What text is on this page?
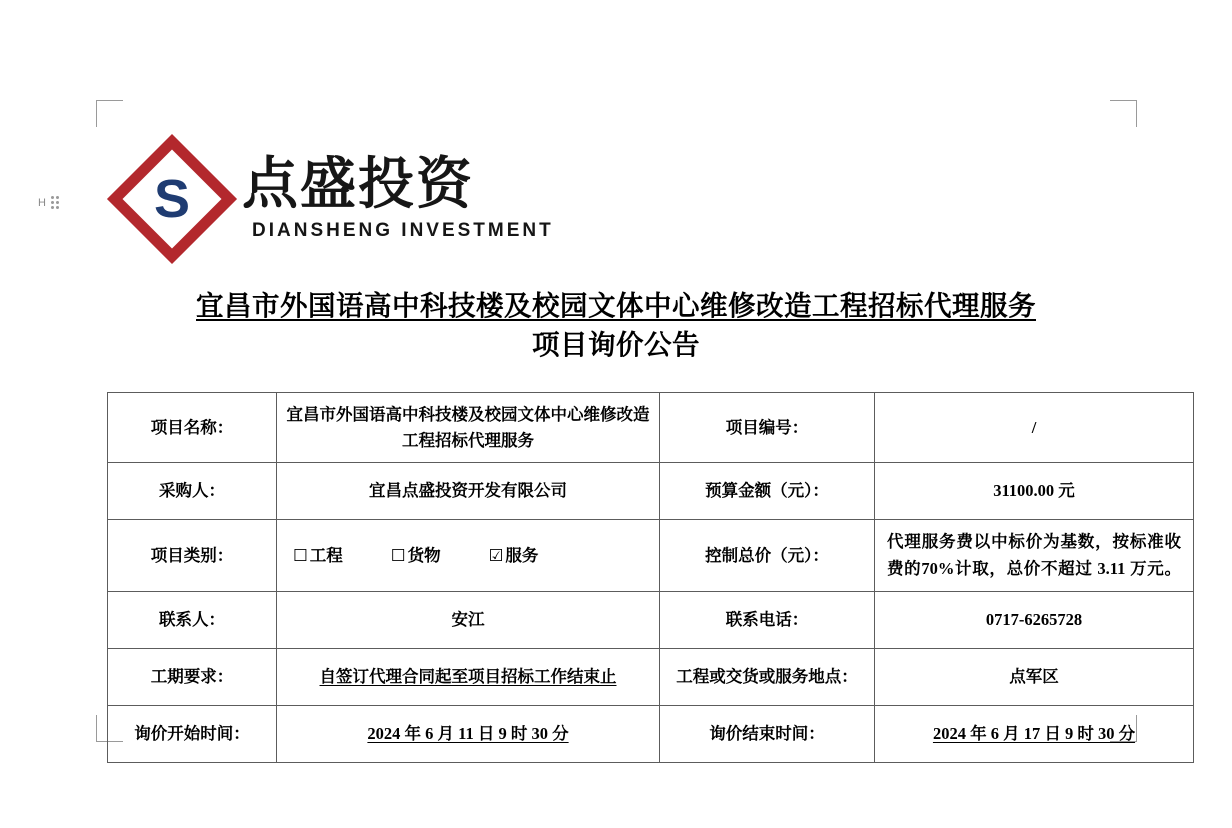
H S 点盛投资
DIANSHENG INVESTMENT
宜昌市外国语高中科技楼及校园文体中心维修改造工程招标代理服务
项目询价公告
项目名称：	宜昌市外国语高中科技楼及校园文体中心维修改造工程招标代理服务	项目编号：	/
采购人：	宜昌点盛投资开发有限公司	预算金额（元）：	31100.00 元
项目类别：	☐ 工程 ☐ 货物 ☑ 服务	控制总价（元）：	代理服务费以中标价为基数，按标准收费的70%计取，总价不超过 3.11 万元。

联系人：	安江	联系电话：	0717-6265728
工期要求：	自签订代理合同起至项目招标工作结束止	工程或交货或服务地点：	点军区
询价开始时间：	2024 年 6 月 11 日 9 时 30 分	询价结束时间：	2024 年 6 月 17 日 9 时 30 分
